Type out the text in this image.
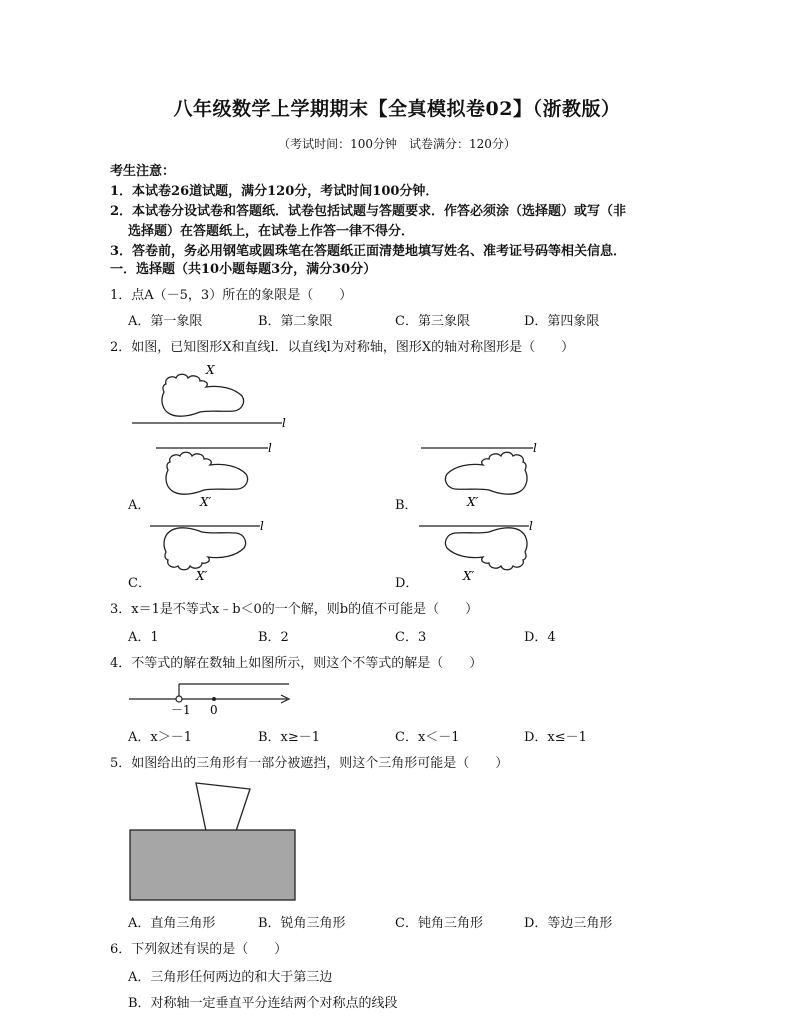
八年级数学上学期期末【全真模拟卷02】（浙教版）
（考试时间：100分钟　试卷满分：120分）
考生注意：
1．本试卷26道试题，满分120分，考试时间100分钟．
2．本试卷分设试卷和答题纸．试卷包括试题与答题要求．作答必须涂（选择题）或写（非
选择题）在答题纸上，在试卷上作答一律不得分．
3．答卷前，务必用钢笔或圆珠笔在答题纸正面清楚地填写姓名、准考证号码等相关信息．
一．选择题（共10小题每题3分，满分30分）
1．点A（－5，3）所在的象限是（　　）
A．第一象限	B．第二象限	C．第三象限	D．第四象限
2．如图，已知图形X和直线l．以直线l为对称轴，图形X的轴对称图形是（　　）
X
l
A．
l
X′	B．
l
X′
C．
l
X′	D．
l
X′
3．x＝1是不等式x﹣b＜0的一个解，则b的值不可能是（　　）
A．1	B．2	C．3	D．4
4．不等式的解在数轴上如图所示，则这个不等式的解是（　　）
－1 0
A．x＞－1	B．x≥－1	C．x＜－1	D．x≤－1
5．如图给出的三角形有一部分被遮挡，则这个三角形可能是（　　）
A．直角三角形	B．锐角三角形	C．钝角三角形	D．等边三角形
6．下列叙述有误的是（　　）
A．三角形任何两边的和大于第三边
B．对称轴一定垂直平分连结两个对称点的线段
